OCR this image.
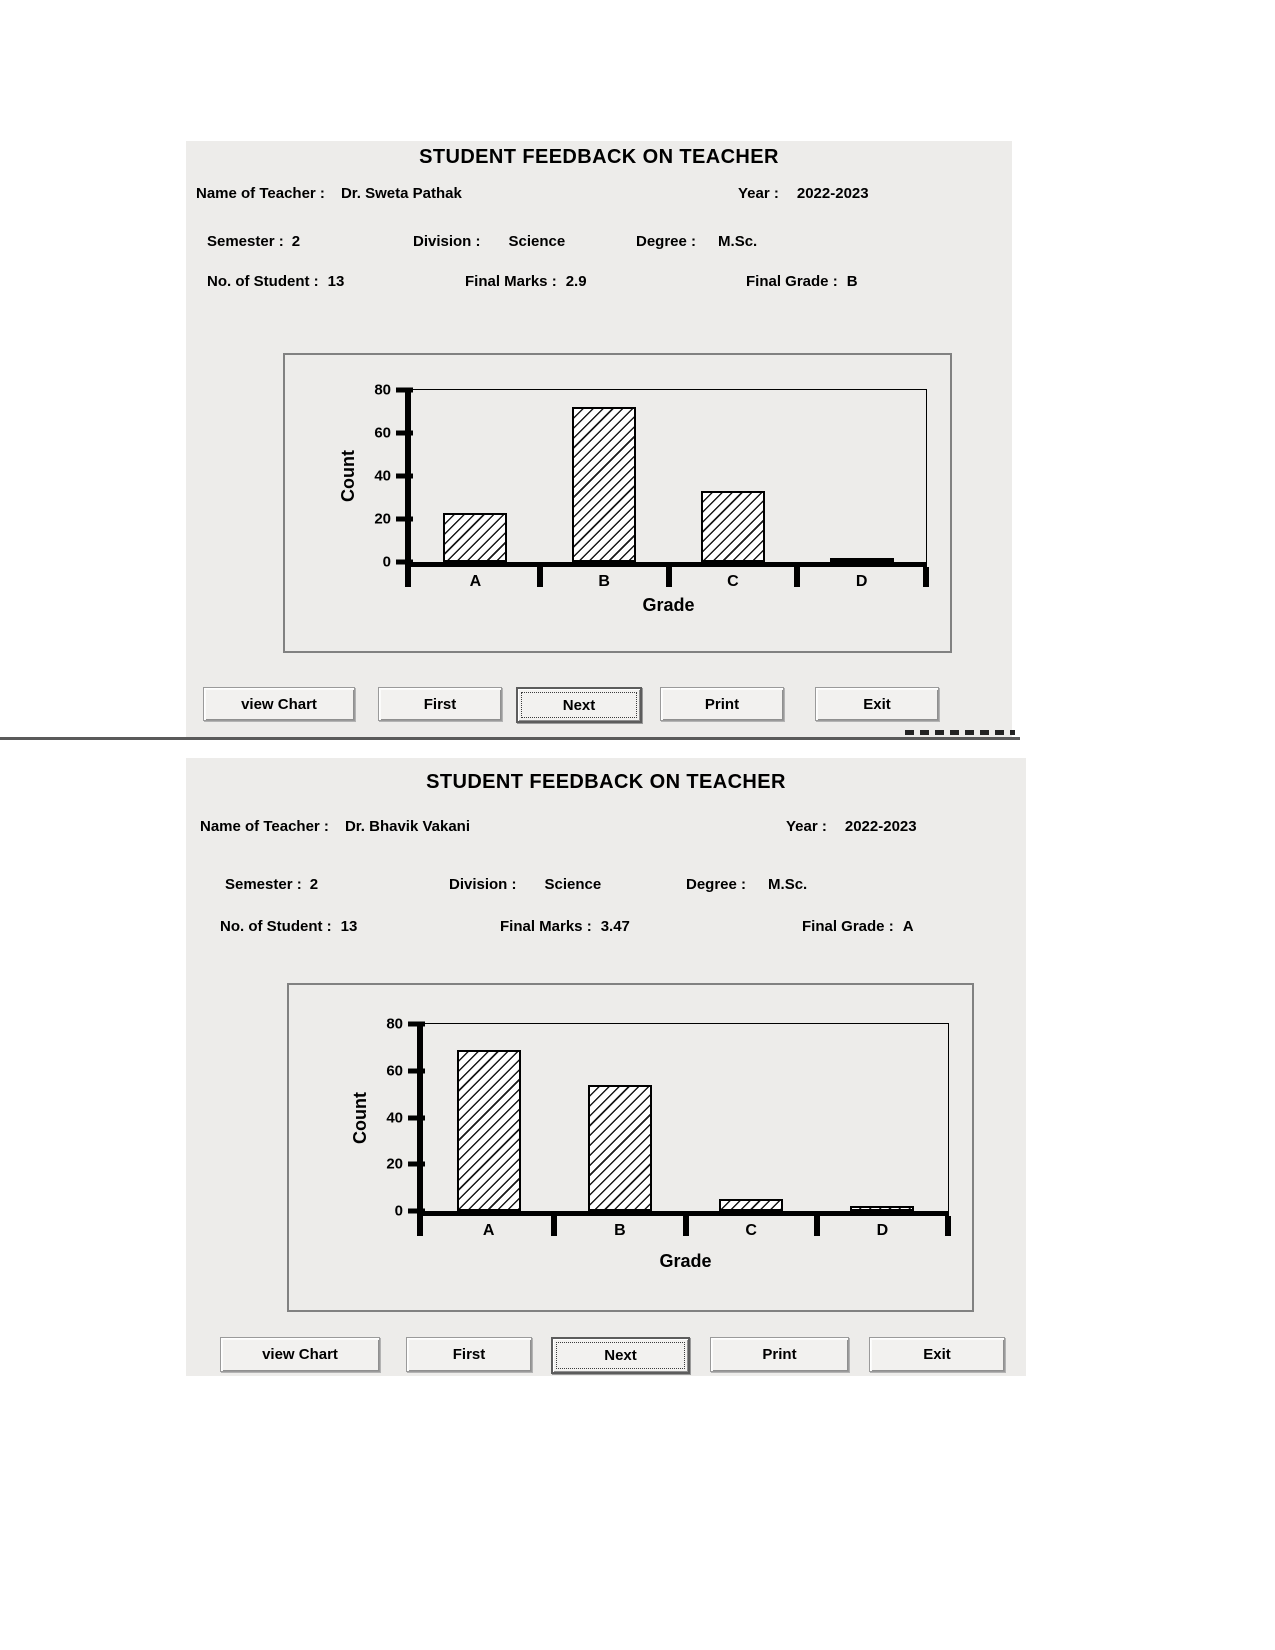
STUDENT FEEDBACK ON TEACHER
Name of Teacher : Dr. Sweta Pathak	Year : 2022-2023
Semester : 2	Division : Science	Degree : M.Sc.
No. of Student : 13	Final Marks : 2.9	Final Grade : B
Count
Grade
0
20
40
60
80
A	B	C	D
view Chart	First	Next	Print	Exit
STUDENT FEEDBACK ON TEACHER
Name of Teacher : Dr. Bhavik Vakani	Year : 2022-2023
Semester : 2	Division : Science	Degree : M.Sc.
No. of Student : 13	Final Marks : 3.47	Final Grade : A
Count
Grade
0
20
40
60
80
A	B	C	D
view Chart	First	Next	Print	Exit
